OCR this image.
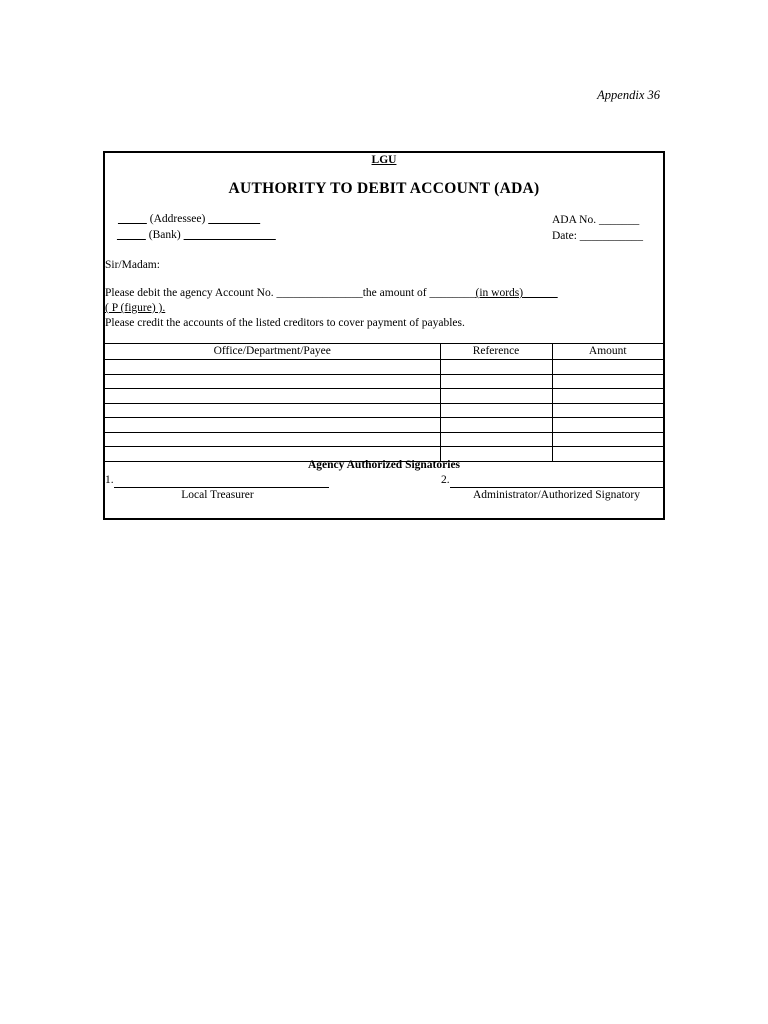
Appendix 36
LGU
AUTHORITY TO DEBIT ACCOUNT (ADA)
_____ (Addressee) _________
_____ (Bank) ________________
ADA No. _______
Date: ___________
Sir/Madam:
Please debit the agency Account No. _______________the amount of ________(in words)______
( P (figure) ).
Please credit the accounts of the listed creditors to cover payment of payables.
Office/Department/Payee	Reference	Amount

Agency Authorized Signatories
1.	2.
Local Treasurer	Administrator/Authorized Signatory
